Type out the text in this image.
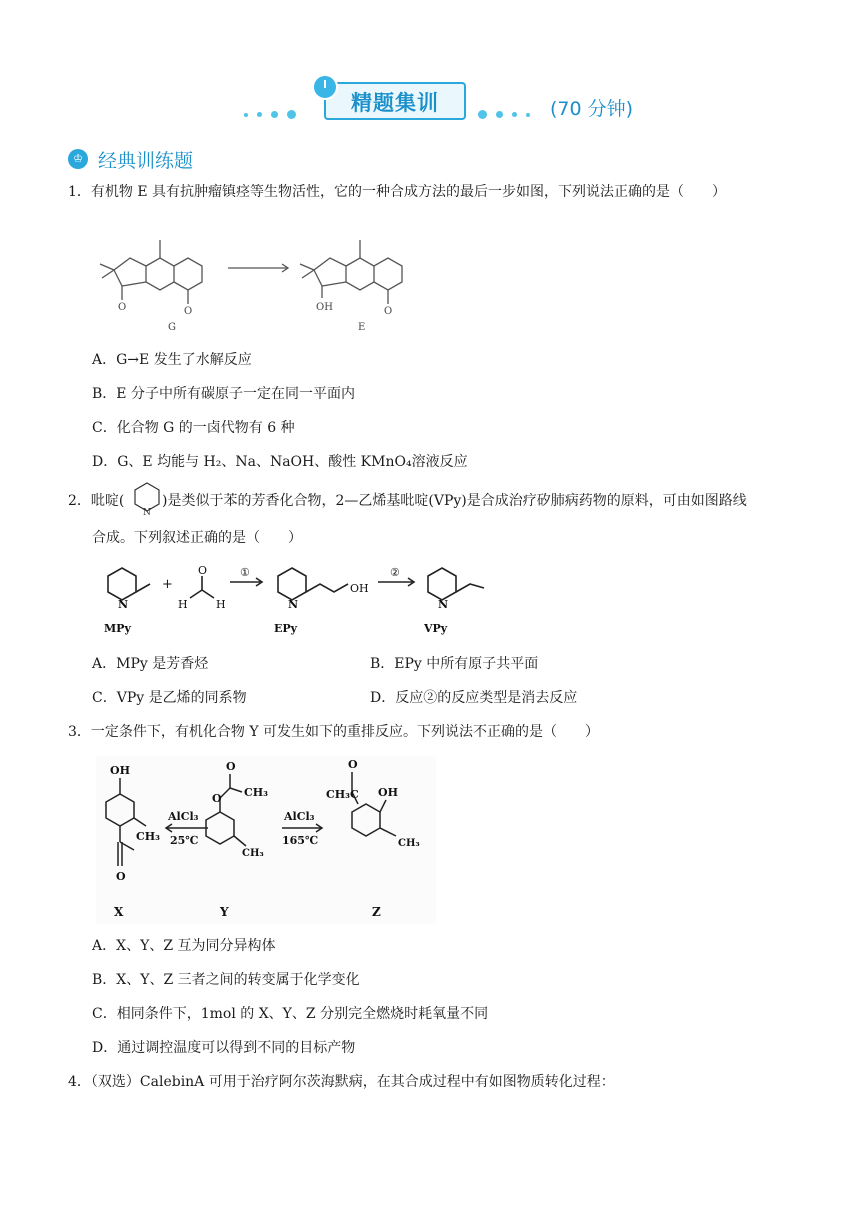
精题集训	(70 分钟)
♔ 经典训练题
1．有机物 E 具有抗肿瘤镇痉等生物活性，它的一种合成方法的最后一步如图，下列说法正确的是（　　）
O	O
G
OH	O
E
A．G→E 发生了水解反应
B．E 分子中所有碳原子一定在同一平面内
C．化合物 G 的一卤代物有 6 种
D．G、E 均能与 H₂、Na、NaOH、酸性 KMnO₄溶液反应
2．吡啶(
N
)是类似于苯的芳香化合物，2—乙烯基吡啶(VPy)是合成治疗矽肺病药物的原料，可由如图路线
合成。下列叙述正确的是（　　）
N
MPy
+
O
H	H
①
N
OH
EPy
②
N
VPy
A．MPy 是芳香烃	B．EPy 中所有原子共平面
C．VPy 是乙烯的同系物	D．反应②的反应类型是消去反应
3．一定条件下，有机化合物 Y 可发生如下的重排反应。下列说法不正确的是（　　）
OH
CH₃
O
X
AlCl₃
25℃
O
CH₃
O
CH₃
Y
AlCl₃
165℃
O
CH₃C OH
CH₃
Z
A．X、Y、Z 互为同分异构体
B．X、Y、Z 三者之间的转变属于化学变化
C．相同条件下，1mol 的 X、Y、Z 分别完全燃烧时耗氧量不同
D．通过调控温度可以得到不同的目标产物
4．（双选）CalebinA 可用于治疗阿尔茨海默病，在其合成过程中有如图物质转化过程：
